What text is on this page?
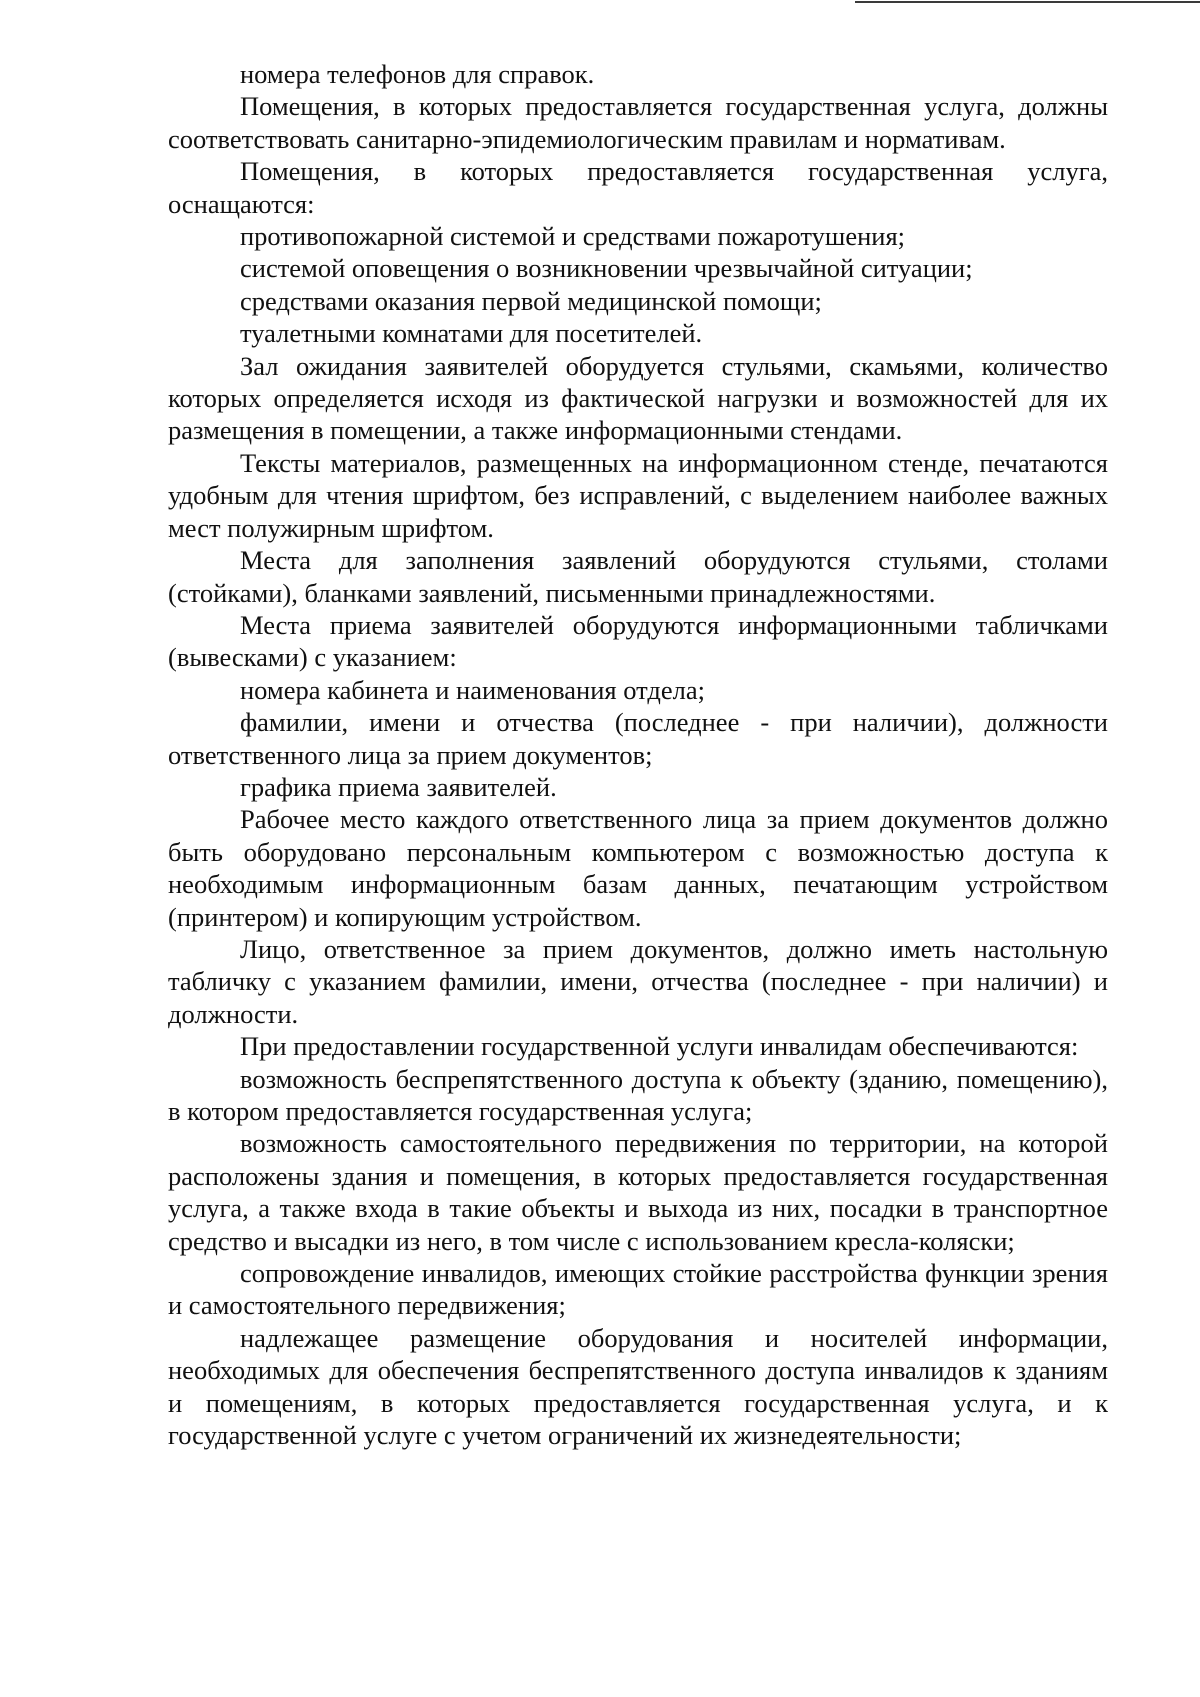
номера телефонов для справок.

Помещения, в которых предоставляется государственная услуга, должны соответствовать санитарно-эпидемиологическим правилам и нормативам.

Помещения, в которых предоставляется государственная услуга, оснащаются:

противопожарной системой и средствами пожаротушения;

системой оповещения о возникновении чрезвычайной ситуации;

средствами оказания первой медицинской помощи;

туалетными комнатами для посетителей.

Зал ожидания заявителей оборудуется стульями, скамьями, количество которых определяется исходя из фактической нагрузки и возможностей для их размещения в помещении, а также информационными стендами.

Тексты материалов, размещенных на информационном стенде, печатаются удобным для чтения шрифтом, без исправлений, с выделением наиболее важных мест полужирным шрифтом.

Места для заполнения заявлений оборудуются стульями, столами (стойками), бланками заявлений, письменными принадлежностями.

Места приема заявителей оборудуются информационными табличками (вывесками) с указанием:

номера кабинета и наименования отдела;

фамилии, имени и отчества (последнее - при наличии), должности ответственного лица за прием документов;

графика приема заявителей.

Рабочее место каждого ответственного лица за прием документов должно быть оборудовано персональным компьютером с возможностью доступа к необходимым информационным базам данных, печатающим устройством (принтером) и копирующим устройством.

Лицо, ответственное за прием документов, должно иметь настольную табличку с указанием фамилии, имени, отчества (последнее - при наличии) и должности.

При предоставлении государственной услуги инвалидам обеспечиваются:

возможность беспрепятственного доступа к объекту (зданию, помещению), в котором предоставляется государственная услуга;

возможность самостоятельного передвижения по территории, на которой расположены здания и помещения, в которых предоставляется государственная услуга, а также входа в такие объекты и выхода из них, посадки в транспортное средство и высадки из него, в том числе с использованием кресла-коляски;

сопровождение инвалидов, имеющих стойкие расстройства функции зрения и самостоятельного передвижения;

надлежащее размещение оборудования и носителей информации, необходимых для обеспечения беспрепятственного доступа инвалидов к зданиям и помещениям, в которых предоставляется государственная услуга, и к государственной услуге с учетом ограничений их жизнедеятельности;
